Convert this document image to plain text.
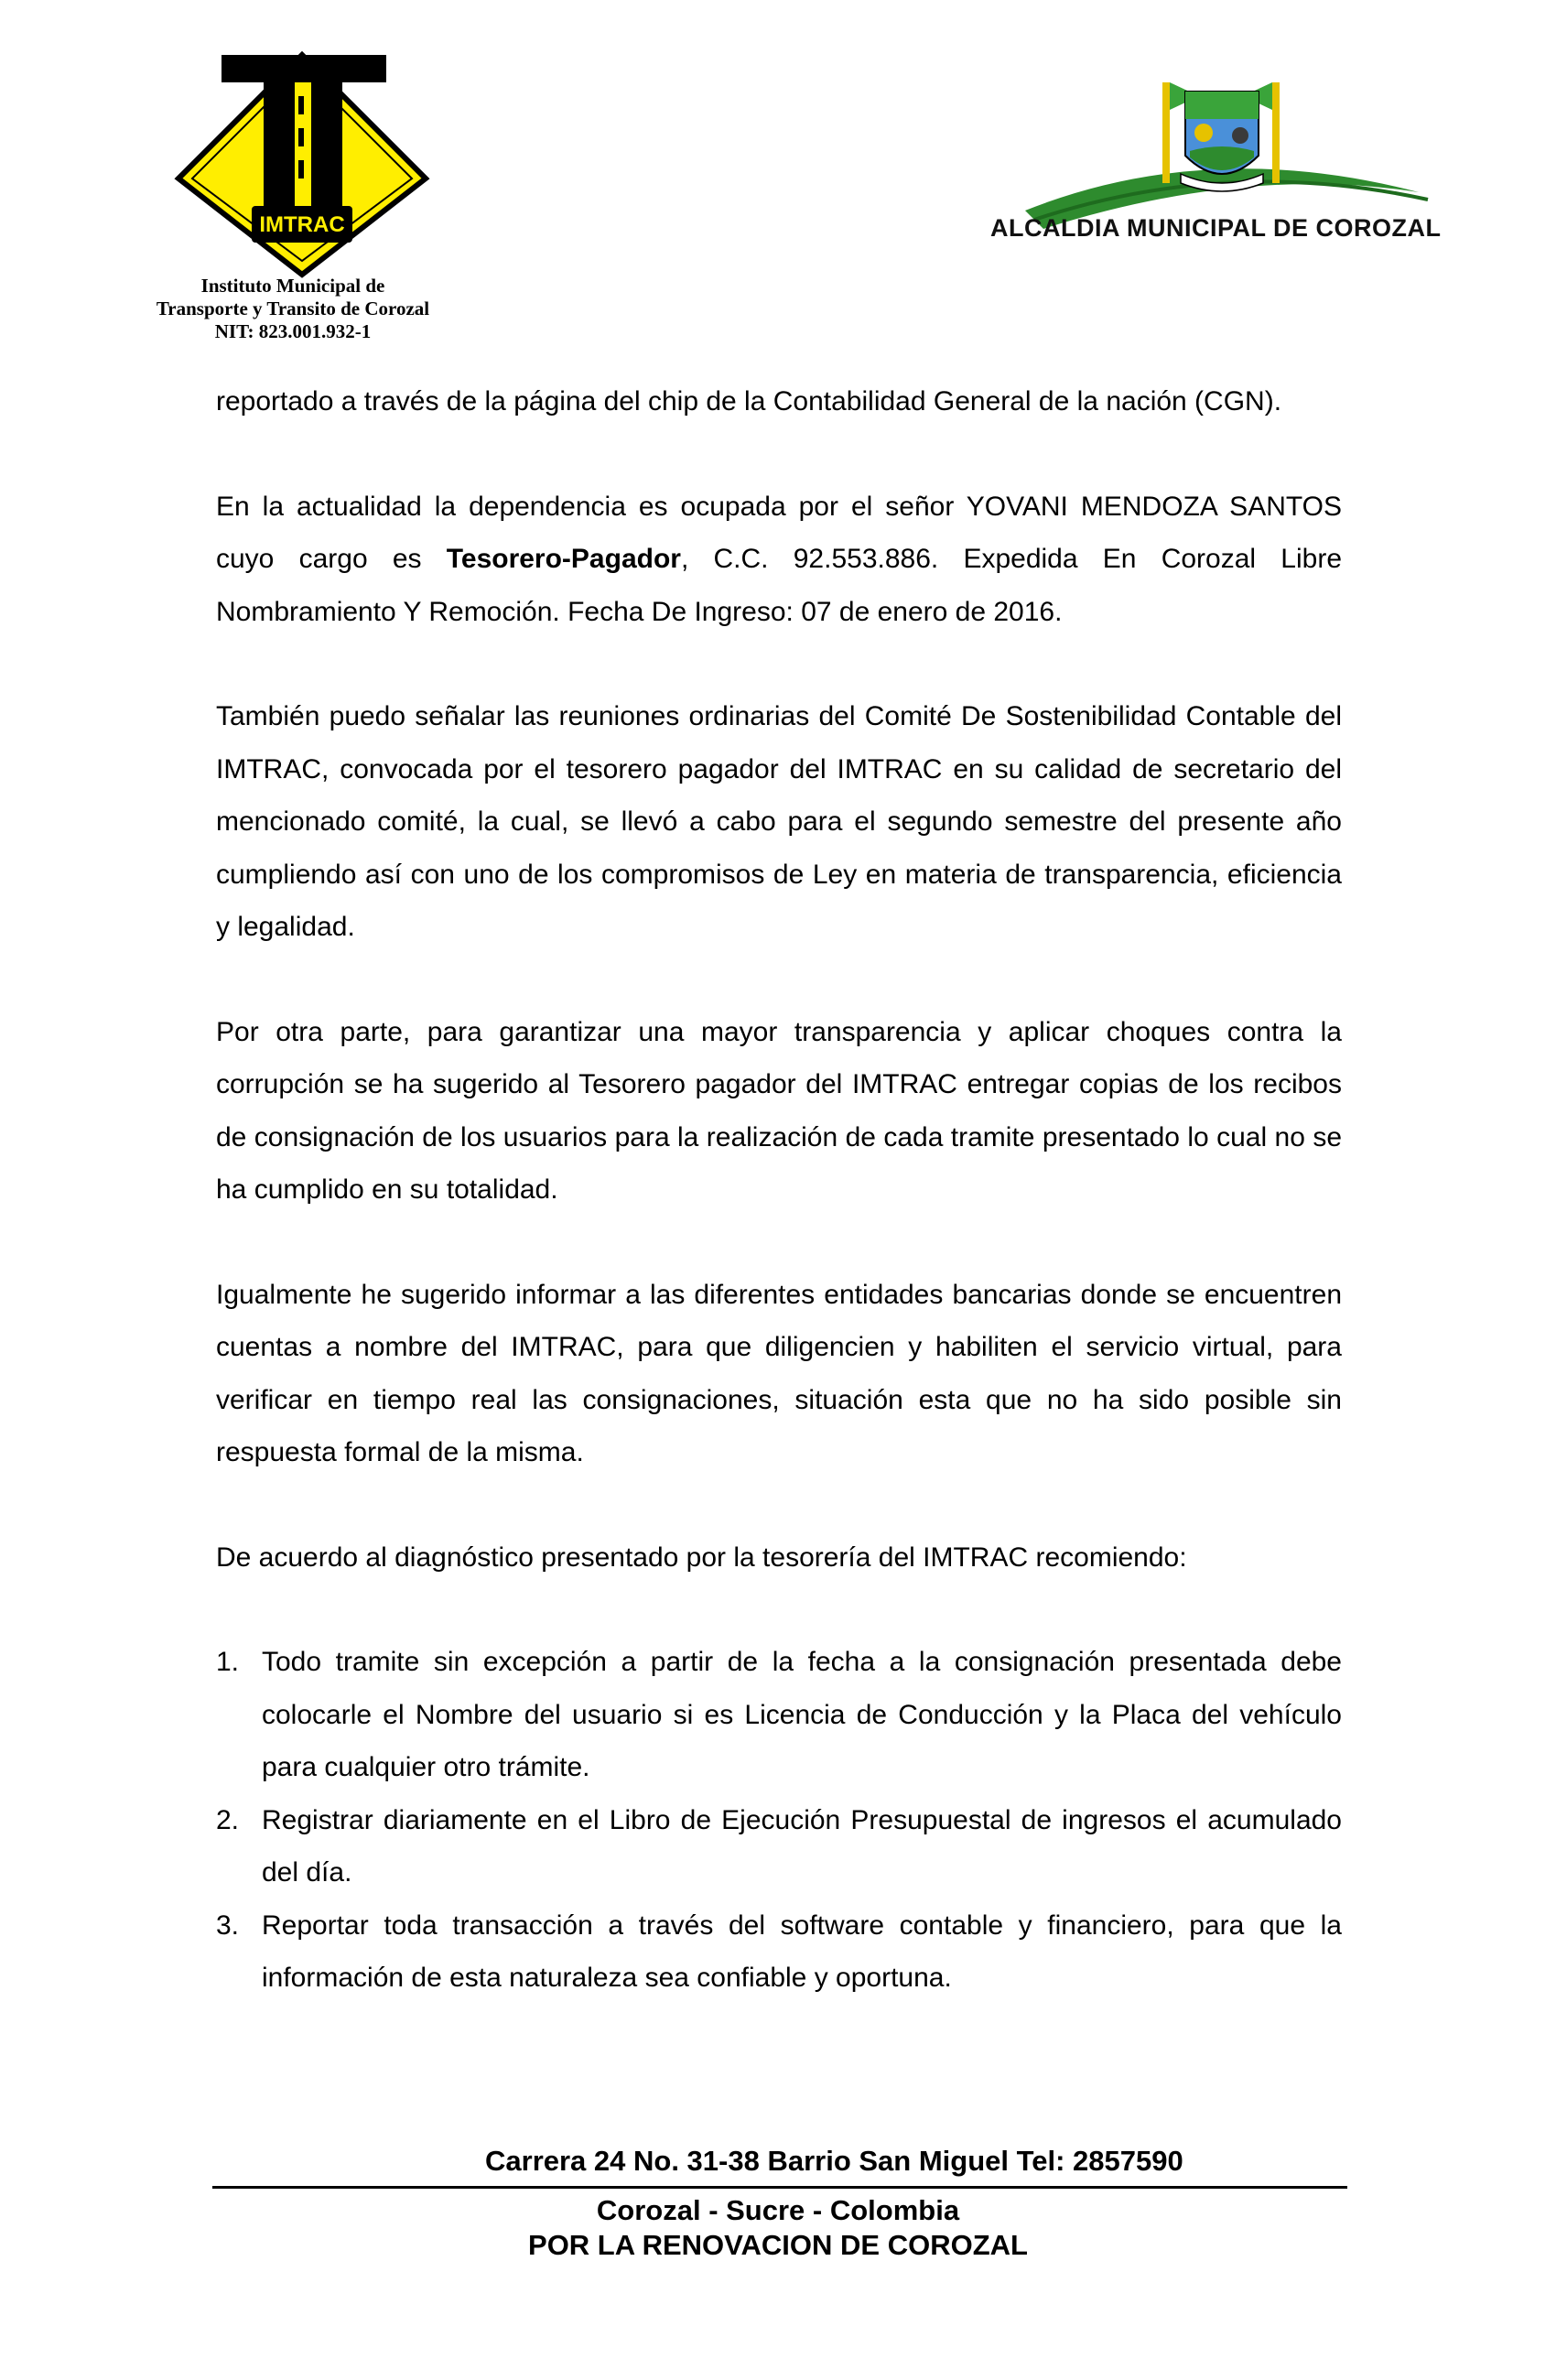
IMTRAC
Instituto Municipal de
Transporte y Transito de Corozal
NIT: 823.001.932-1
ALCALDIA MUNICIPAL DE COROZAL

reportado a través de la página del chip de la Contabilidad General de la nación (CGN).

En la actualidad la dependencia es ocupada por el señor YOVANI MENDOZA SANTOS cuyo cargo es Tesorero-Pagador, C.C. 92.553.886. Expedida En Corozal Libre Nombramiento Y Remoción. Fecha De Ingreso: 07 de enero de 2016.

También puedo señalar las reuniones ordinarias del Comité De Sostenibilidad Contable del IMTRAC, convocada por el tesorero pagador del IMTRAC en su calidad de secretario del mencionado comité, la cual, se llevó a cabo para el segundo semestre del presente año cumpliendo así con uno de los compromisos de Ley en materia de transparencia, eficiencia y legalidad.

Por otra parte, para garantizar una mayor transparencia y aplicar choques contra la corrupción se ha sugerido al Tesorero pagador del IMTRAC entregar copias de los recibos de consignación de los usuarios para la realización de cada tramite presentado lo cual no se ha cumplido en su totalidad.

Igualmente he sugerido informar a las diferentes entidades bancarias donde se encuentren cuentas a nombre del IMTRAC, para que diligencien y habiliten el servicio virtual, para verificar en tiempo real las consignaciones, situación esta que no ha sido posible sin respuesta formal de la misma.

De acuerdo al diagnóstico presentado por la tesorería del IMTRAC recomiendo:

1. Todo tramite sin excepción a partir de la fecha a la consignación presentada debe colocarle el Nombre del usuario si es Licencia de Conducción y la Placa del vehículo para cualquier otro trámite.
2. Registrar diariamente en el Libro de Ejecución Presupuestal de ingresos el acumulado del día.
3. Reportar toda transacción a través del software contable y financiero, para que la información de esta naturaleza sea confiable y oportuna.
Carrera 24 No. 31-38 Barrio San Miguel Tel: 2857590
Corozal - Sucre - Colombia
POR LA RENOVACION DE COROZAL
